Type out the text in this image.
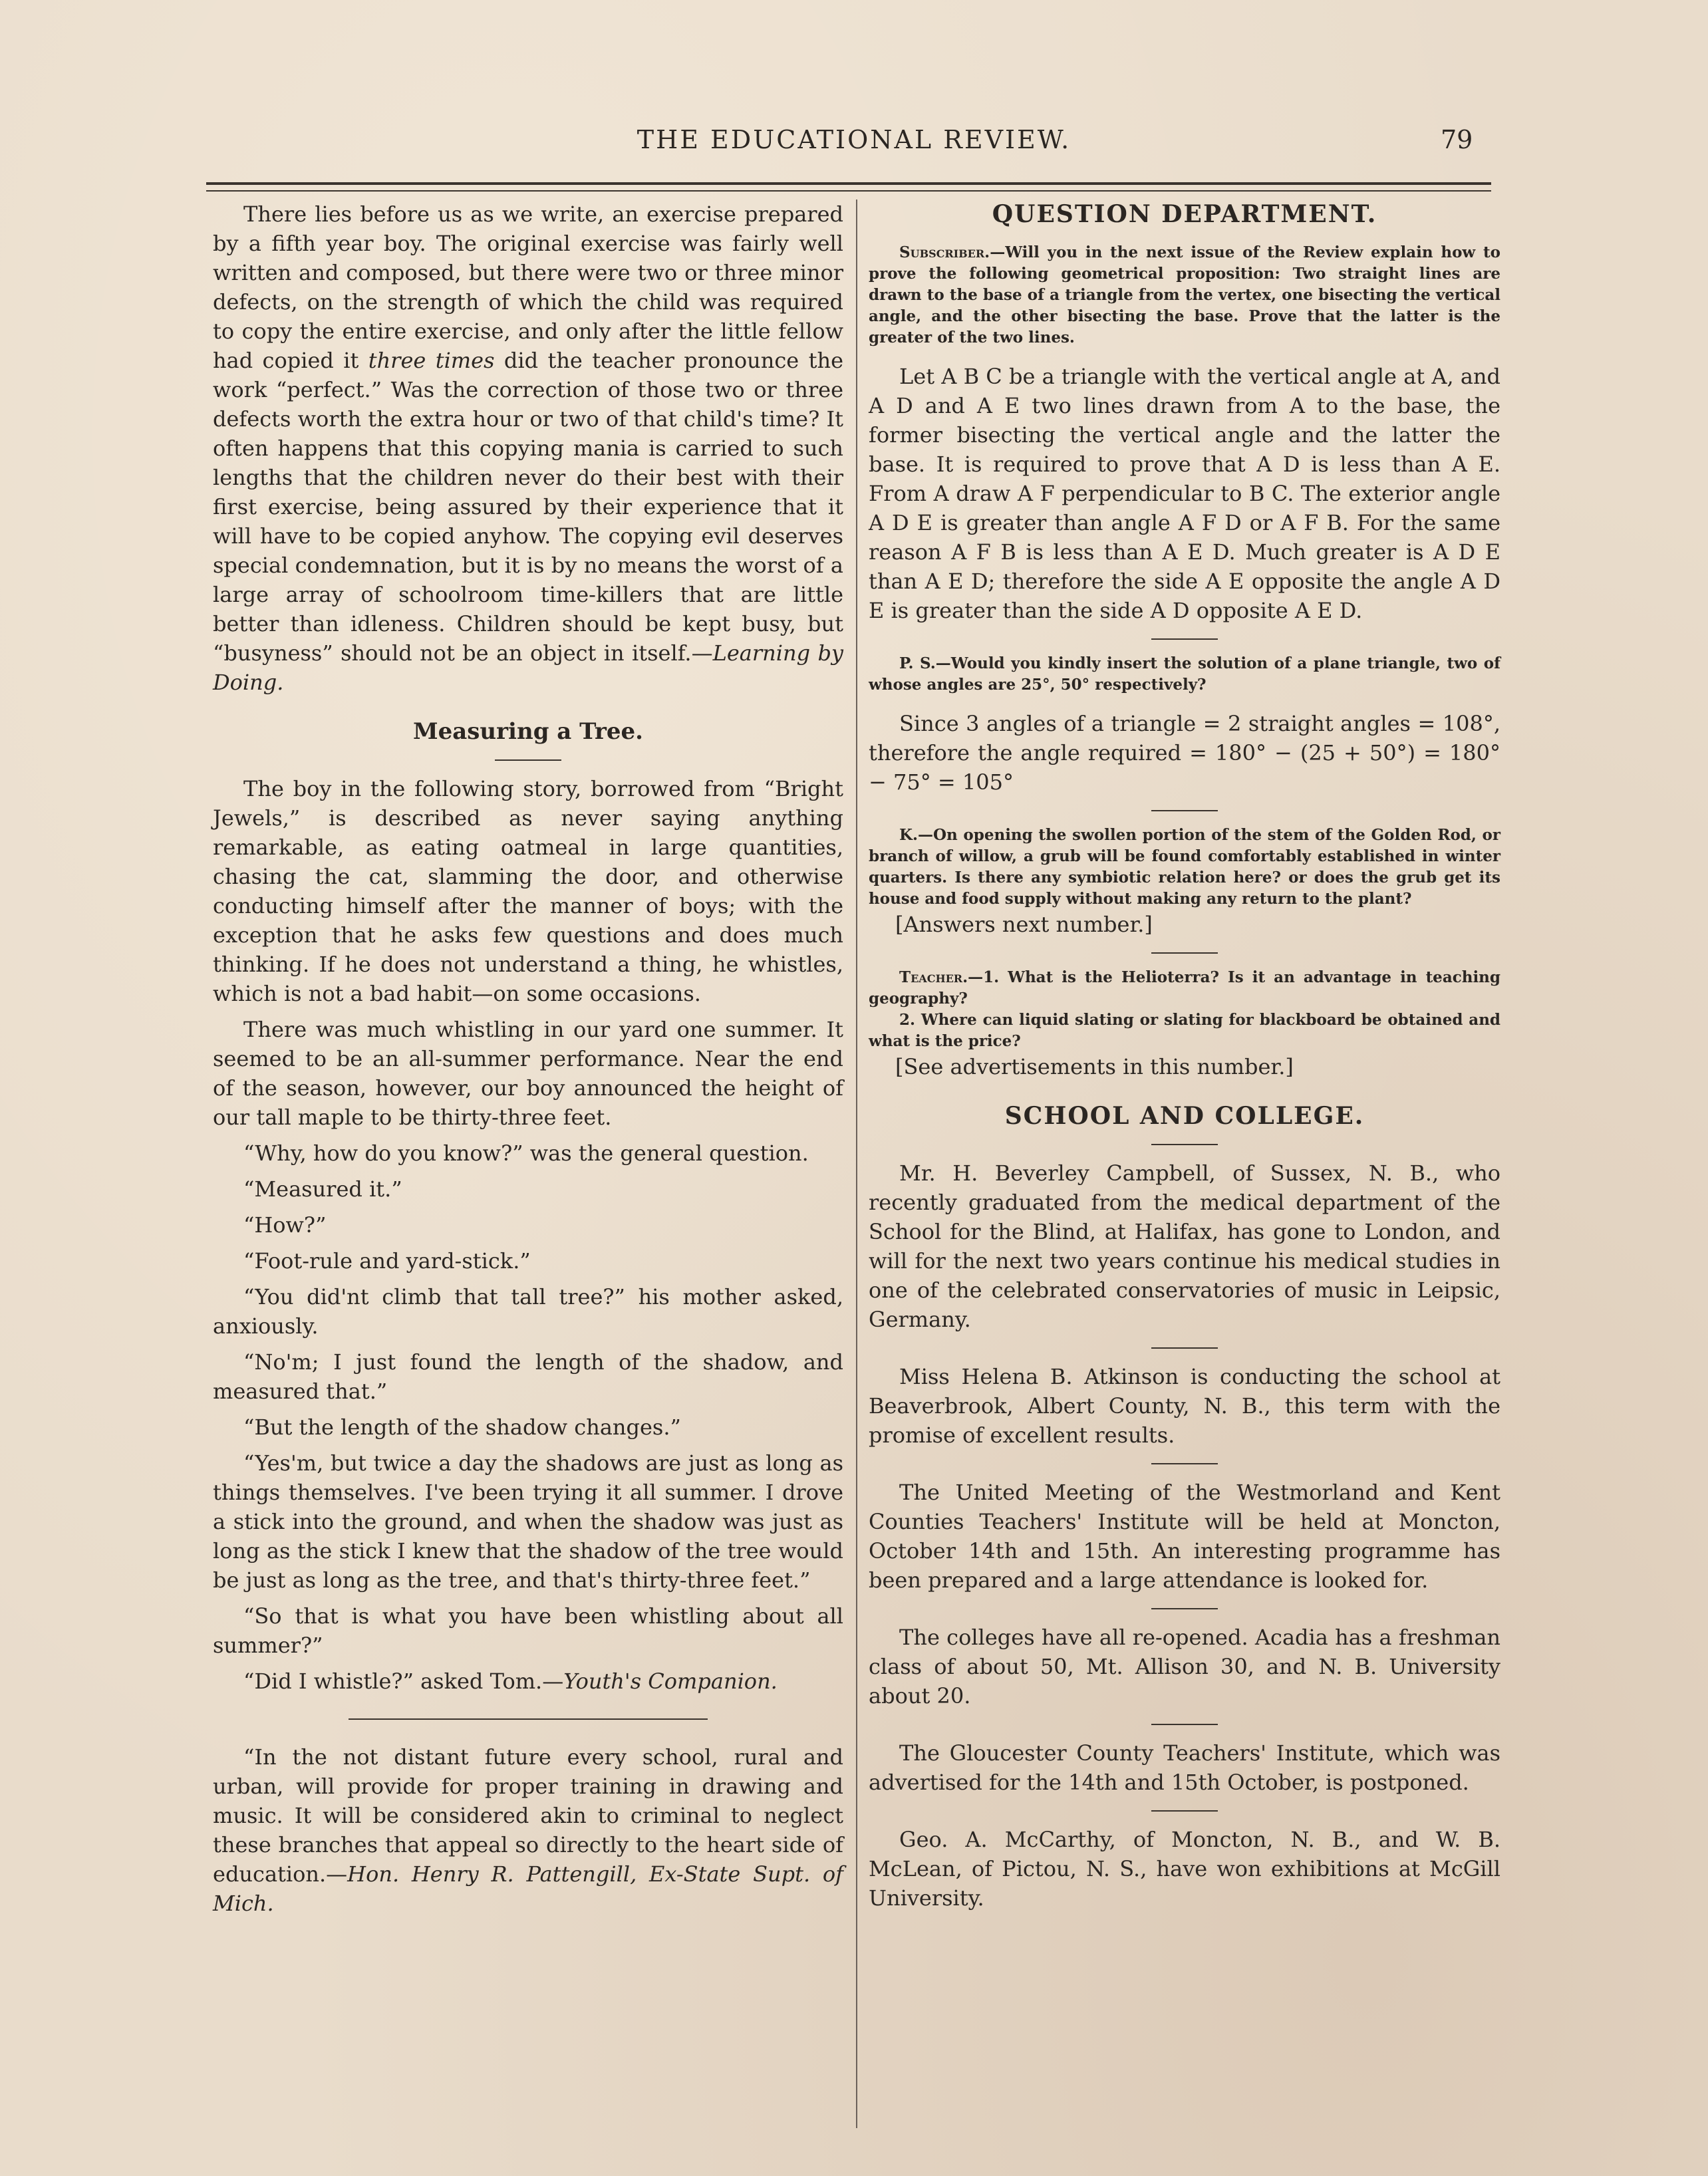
THE EDUCATIONAL REVIEW.	79

There lies before us as we write, an exercise prepared by a fifth year boy. The original exercise was fairly well written and composed, but there were two or three minor defects, on the strength of which the child was required to copy the entire exercise, and only after the little fellow had copied it three times did the teacher pronounce the work “perfect.” Was the correction of those two or three defects worth the extra hour or two of that child's time? It often happens that this copying mania is carried to such lengths that the children never do their best with their first exercise, being assured by their experience that it will have to be copied anyhow. The copying evil deserves special condemnation, but it is by no means the worst of a large array of schoolroom time-killers that are little better than idleness. Children should be kept busy, but “busyness” should not be an object in itself.—Learning by Doing.

Measuring a Tree.

The boy in the following story, borrowed from “Bright Jewels,” is described as never saying anything remarkable, as eating oatmeal in large quantities, chasing the cat, slamming the door, and otherwise conducting himself after the manner of boys; with the exception that he asks few questions and does much thinking. If he does not understand a thing, he whistles, which is not a bad habit—on some occasions.

There was much whistling in our yard one summer. It seemed to be an all-summer performance. Near the end of the season, however, our boy announced the height of our tall maple to be thirty-three feet.

“Why, how do you know?” was the general question.

“Measured it.”

“How?”

“Foot-rule and yard-stick.”

“You did'nt climb that tall tree?” his mother asked, anxiously.

“No'm; I just found the length of the shadow, and measured that.”

“But the length of the shadow changes.”

“Yes'm, but twice a day the shadows are just as long as things themselves. I've been trying it all summer. I drove a stick into the ground, and when the shadow was just as long as the stick I knew that the shadow of the tree would be just as long as the tree, and that's thirty-three feet.”

“So that is what you have been whistling about all summer?”

“Did I whistle?” asked Tom.—Youth's Companion.

“In the not distant future every school, rural and urban, will provide for proper training in drawing and music. It will be considered akin to criminal to neglect these branches that appeal so directly to the heart side of education.—Hon. Henry R. Pattengill, Ex-State Supt. of Mich.

QUESTION DEPARTMENT.

Subscriber.—Will you in the next issue of the Review explain how to prove the following geometrical proposition: Two straight lines are drawn to the base of a triangle from the vertex, one bisecting the vertical angle, and the other bisecting the base. Prove that the latter is the greater of the two lines.

Let A B C be a triangle with the vertical angle at A, and A D and A E two lines drawn from A to the base, the former bisecting the vertical angle and the latter the base. It is required to prove that A D is less than A E. From A draw A F perpendicular to B C. The exterior angle A D E is greater than angle A F D or A F B. For the same reason A F B is less than A E D. Much greater is A D E than A E D; therefore the side A E opposite the angle A D E is greater than the side A D opposite A E D.

P. S.—Would you kindly insert the solution of a plane triangle, two of whose angles are 25°, 50° respectively?

Since 3 angles of a triangle = 2 straight angles = 108°, therefore the angle required = 180° − (25 + 50°) = 180° − 75° = 105°

K.—On opening the swollen portion of the stem of the Golden Rod, or branch of willow, a grub will be found comfortably established in winter quarters. Is there any symbiotic relation here? or does the grub get its house and food supply without making any return to the plant?

[Answers next number.]

Teacher.—1. What is the Helioterra? Is it an advantage in teaching geography?

2. Where can liquid slating or slating for blackboard be obtained and what is the price?

[See advertisements in this number.]

SCHOOL AND COLLEGE.

Mr. H. Beverley Campbell, of Sussex, N. B., who recently graduated from the medical department of the School for the Blind, at Halifax, has gone to London, and will for the next two years continue his medical studies in one of the celebrated conservatories of music in Leipsic, Germany.

Miss Helena B. Atkinson is conducting the school at Beaverbrook, Albert County, N. B., this term with the promise of excellent results.

The United Meeting of the Westmorland and Kent Counties Teachers' Institute will be held at Moncton, October 14th and 15th. An interesting programme has been prepared and a large attendance is looked for.

The colleges have all re-opened. Acadia has a freshman class of about 50, Mt. Allison 30, and N. B. University about 20.

The Gloucester County Teachers' Institute, which was advertised for the 14th and 15th October, is postponed.

Geo. A. McCarthy, of Moncton, N. B., and W. B. McLean, of Pictou, N. S., have won exhibitions at McGill University.
